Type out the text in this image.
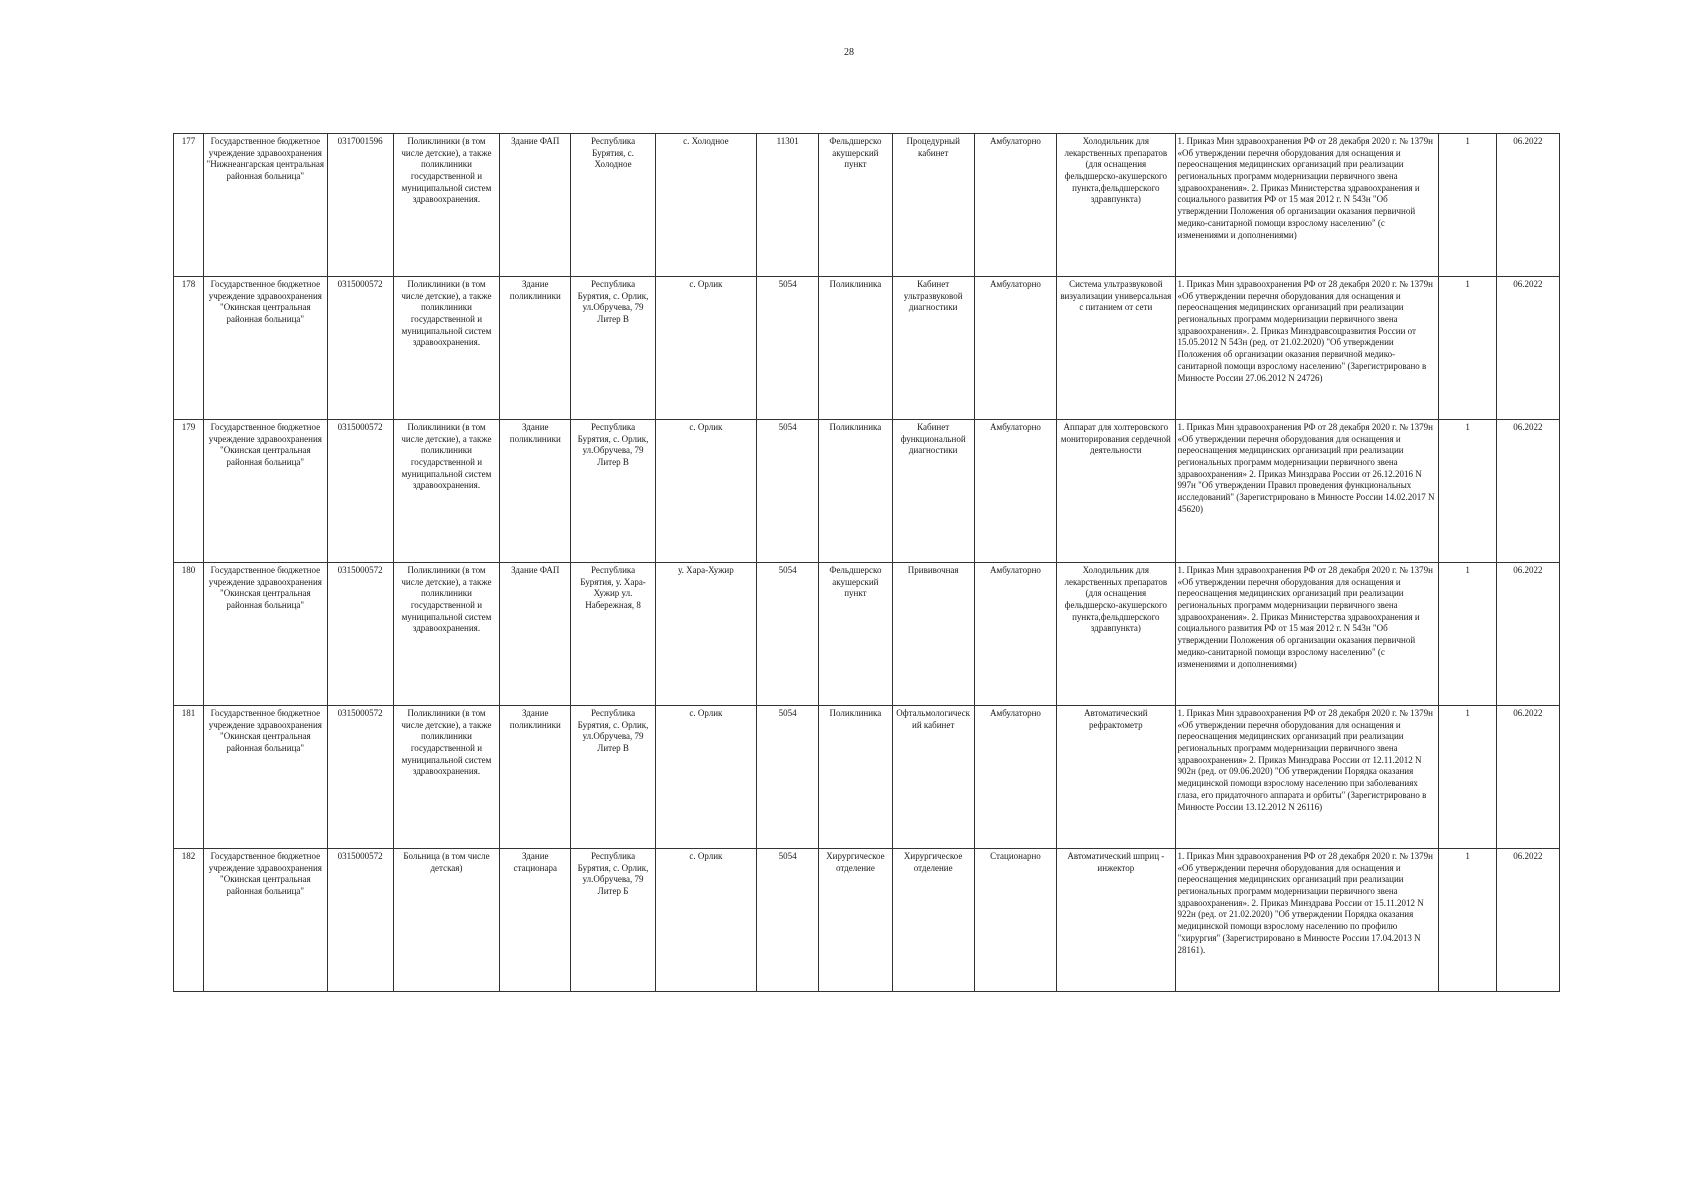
28
177	Государственное бюджетное учреждение здравоохранения "Нижнеангарская центральная районная больница"	0317001596	Поликлиники (в том числе детские), а также поликлиники государственной и муниципальной систем здравоохранения.	Здание ФАП	Республика Бурятия, с. Холодное	с. Холодное	11301	Фельдшерско акушерский пункт	Процедурный кабинет	Амбулаторно	Холодильник для лекарственных препаратов (для оснащения фельдшерско-акушерского пункта,фельдшерского здравпункта)	1. Приказ Мин здравоохранения РФ от 28 декабря 2020 г. № 1379н «Об утверждении перечня оборудования для оснащения и переоснащения медицинских организаций при реализации региональных программ модернизации первичного звена здравоохранения». 2. Приказ Министерства здравоохранения и социального развития РФ от 15 мая 2012 г. N 543н "Об утверждении Положения об организации оказания первичной медико-санитарной помощи взрослому населению" (с изменениями и дополнениями)	1	06.2022
178	Государственное бюджетное учреждение здравоохранения "Окинская центральная районная больница"	0315000572	Поликлиники (в том числе детские), а также поликлиники государственной и муниципальной систем здравоохранения.	Здание поликлиники	Республика Бурятия, с. Орлик, ул.Обручева, 79 Литер В	с. Орлик	5054	Поликлиника	Кабинет ультразвуковой диагностики	Амбулаторно	Система ультразвуковой визуализации универсальная с питанием от сети	1. Приказ Мин здравоохранения РФ от 28 декабря 2020 г. № 1379н «Об утверждении перечня оборудования для оснащения и переоснащения медицинских организаций при реализации региональных программ модернизации первичного звена здравоохранения». 2. Приказ Минздравсоцразвития России от 15.05.2012 N 543н (ред. от 21.02.2020) "Об утверждении Положения об организации оказания первичной медико-санитарной помощи взрослому населению" (Зарегистрировано в Минюсте России 27.06.2012 N 24726)	1	06.2022
179	Государственное бюджетное учреждение здравоохранения "Окинская центральная районная больница"	0315000572	Поликлиники (в том числе детские), а также поликлиники государственной и муниципальной систем здравоохранения.	Здание поликлиники	Республика Бурятия, с. Орлик, ул.Обручева, 79 Литер В	с. Орлик	5054	Поликлиника	Кабинет функциональной диагностики	Амбулаторно	Аппарат для холтеровского мониторирования сердечной деятельности	1. Приказ Мин здравоохранения РФ от 28 декабря 2020 г. № 1379н «Об утверждении перечня оборудования для оснащения и переоснащения медицинских организаций при реализации региональных программ модернизации первичного звена здравоохранения» 2. Приказ Минздрава России от 26.12.2016 N 997н "Об утверждении Правил проведения функциональных исследований" (Зарегистрировано в Минюсте России 14.02.2017 N 45620)	1	06.2022
180	Государственное бюджетное учреждение здравоохранения "Окинская центральная районная больница"	0315000572	Поликлиники (в том числе детские), а также поликлиники государственной и муниципальной систем здравоохранения.	Здание ФАП	Республика Бурятия, у. Хара-Хужир ул. Набережная, 8	у. Хара-Хужир	5054	Фельдшерско акушерский пункт	Прививочная	Амбулаторно	Холодильник для лекарственных препаратов (для оснащения фельдшерско-акушерского пункта,фельдшерского здравпункта)	1. Приказ Мин здравоохранения РФ от 28 декабря 2020 г. № 1379н «Об утверждении перечня оборудования для оснащения и переоснащения медицинских организаций при реализации региональных программ модернизации первичного звена здравоохранения». 2. Приказ Министерства здравоохранения и социального развития РФ от 15 мая 2012 г. N 543н "Об утверждении Положения об организации оказания первичной медико-санитарной помощи взрослому населению" (с изменениями и дополнениями)	1	06.2022
181	Государственное бюджетное учреждение здравоохранения "Окинская центральная районная больница"	0315000572	Поликлиники (в том числе детские), а также поликлиники государственной и муниципальной систем здравоохранения.	Здание поликлиники	Республика Бурятия, с. Орлик, ул.Обручева, 79 Литер В	с. Орлик	5054	Поликлиника	Офтальмологический кабинет	Амбулаторно	Автоматический рефрактометр	1. Приказ Мин здравоохранения РФ от 28 декабря 2020 г. № 1379н «Об утверждении перечня оборудования для оснащения и переоснащения медицинских организаций при реализации региональных программ модернизации первичного звена здравоохранения» 2. Приказ Минздрава России от 12.11.2012 N 902н (ред. от 09.06.2020) "Об утверждении Порядка оказания медицинской помощи взрослому населению при заболеваниях глаза, его придаточного аппарата и орбиты" (Зарегистрировано в Минюсте России 13.12.2012 N 26116)	1	06.2022
182	Государственное бюджетное учреждение здравоохранения "Окинская центральная районная больница"	0315000572	Больница (в том числе детская)	Здание стационара	Республика Бурятия, с. Орлик, ул.Обручева, 79 Литер Б	с. Орлик	5054	Хирургическое отделение	Хирургическое отделение	Стационарно	Автоматический шприц - инжектор	1. Приказ Мин здравоохранения РФ от 28 декабря 2020 г. № 1379н «Об утверждении перечня оборудования для оснащения и переоснащения медицинских организаций при реализации региональных программ модернизации первичного звена здравоохранения». 2. Приказ Минздрава России от 15.11.2012 N 922н (ред. от 21.02.2020) "Об утверждении Порядка оказания медицинской помощи взрослому населению по профилю "хирургия" (Зарегистрировано в Минюсте России 17.04.2013 N 28161).	1	06.2022
